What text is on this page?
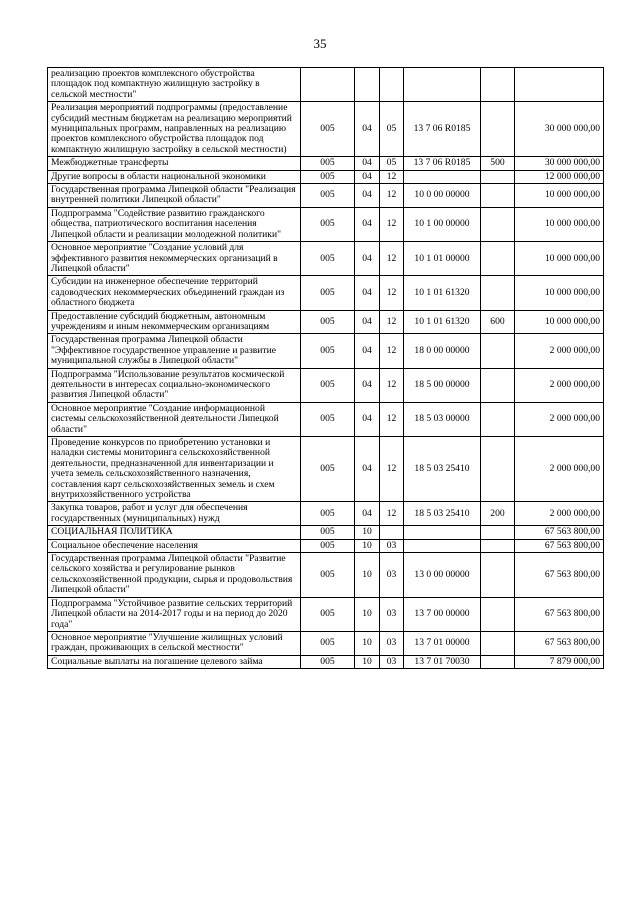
35
реализацию проектов комплексного обустройства площадок под компактную жилищную застройку в сельской местности"						
Реализация мероприятий подпрограммы (предоставление субсидий местным бюджетам на реализацию мероприятий муниципальных программ, направленных на реализацию проектов комплексного обустройства площадок под компактную жилищную застройку в сельской местности)	005	04	05	13 7 06 R0185		30 000 000,00
Межбюджетные трансферты	005	04	05	13 7 06 R0185	500	30 000 000,00
Другие вопросы в области национальной экономики	005	04	12			12 000 000,00
Государственная программа Липецкой области "Реализация внутренней политики Липецкой области"	005	04	12	10 0 00 00000		10 000 000,00
Подпрограмма "Содействие развитию гражданского общества, патриотического воспитания населения Липецкой области и реализации молодежной политики"	005	04	12	10 1 00 00000		10 000 000,00
Основное мероприятие "Создание условий для эффективного развития некоммерческих организаций в Липецкой области"	005	04	12	10 1 01 00000		10 000 000,00
Субсидии на инженерное обеспечение территорий садоводческих некоммерческих объединений граждан из областного бюджета	005	04	12	10 1 01 61320		10 000 000,00
Предоставление субсидий бюджетным, автономным учреждениям и иным некоммерческим организациям	005	04	12	10 1 01 61320	600	10 000 000,00
Государственная программа Липецкой области "Эффективное государственное управление и развитие муниципальной службы в Липецкой области"	005	04	12	18 0 00 00000		2 000 000,00
Подпрограмма "Использование результатов космической деятельности в интересах социально-экономического развития Липецкой области"	005	04	12	18 5 00 00000		2 000 000,00
Основное мероприятие "Создание информационной системы сельскохозяйственной деятельности Липецкой области"	005	04	12	18 5 03 00000		2 000 000,00
Проведение конкурсов по приобретению установки и наладки системы мониторинга сельскохозяйственной деятельности, предназначенной для инвентаризации и учета земель сельскохозяйственного назначения, составления карт сельскохозяйственных земель и схем внутрихозяйственного устройства	005	04	12	18 5 03 25410		2 000 000,00
Закупка товаров, работ и услуг для обеспечения государственных (муниципальных) нужд	005	04	12	18 5 03 25410	200	2 000 000,00
СОЦИАЛЬНАЯ ПОЛИТИКА	005	10				67 563 800,00
Социальное обеспечение населения	005	10	03			67 563 800,00
Государственная программа Липецкой области "Развитие сельского хозяйства и регулирование рынков сельскохозяйственной продукции, сырья и продовольствия Липецкой области"	005	10	03	13 0 00 00000		67 563 800,00
Подпрограмма "Устойчивое развитие сельских территорий Липецкой области на 2014-2017 годы и на период до 2020 года"	005	10	03	13 7 00 00000		67 563 800,00
Основное мероприятие "Улучшение жилищных условий граждан, проживающих в сельской местности"	005	10	03	13 7 01 00000		67 563 800,00
Социальные выплаты на погашение целевого займа	005	10	03	13 7 01 70030		7 879 000,00
